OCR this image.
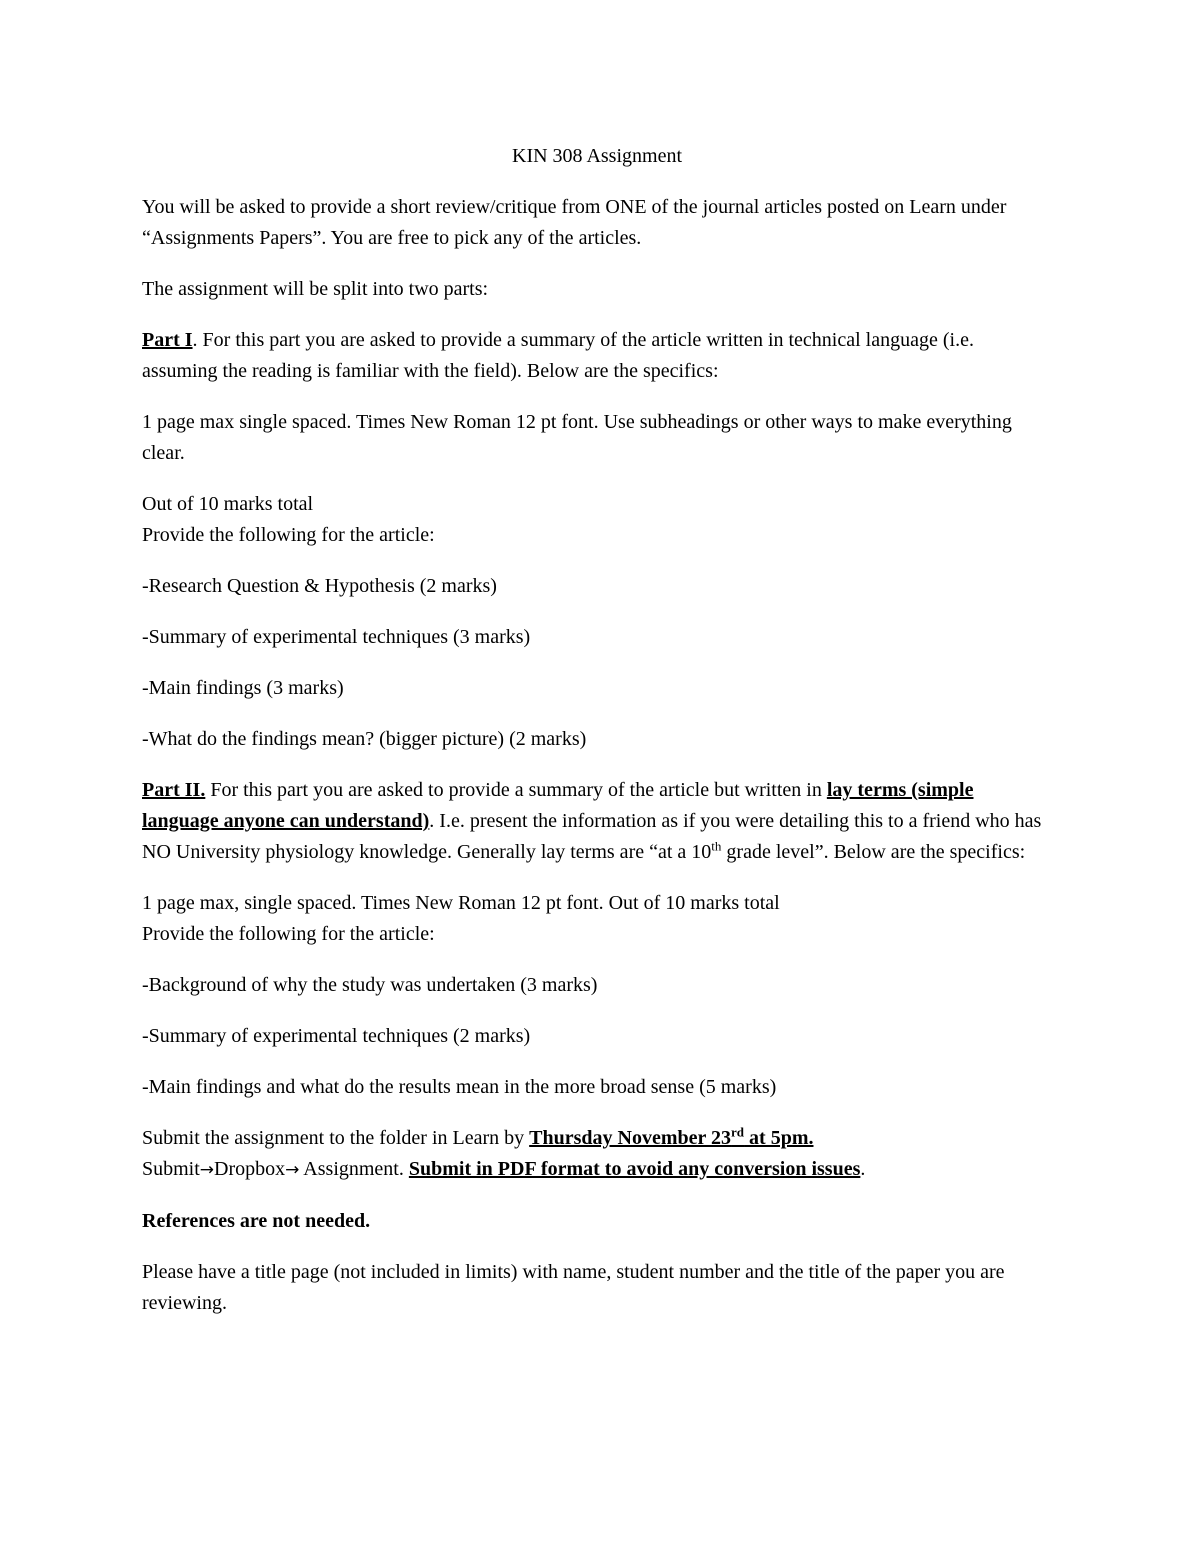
KIN 308 Assignment

You will be asked to provide a short review/critique from ONE of the journal articles posted on Learn under “Assignments Papers”. You are free to pick any of the articles.

The assignment will be split into two parts:

Part I. For this part you are asked to provide a summary of the article written in technical language (i.e. assuming the reading is familiar with the field). Below are the specifics:

1 page max single spaced. Times New Roman 12 pt font. Use subheadings or other ways to make everything clear.

Out of 10 marks total
Provide the following for the article:

-Research Question & Hypothesis (2 marks)

-Summary of experimental techniques (3 marks)

-Main findings (3 marks)

-What do the findings mean? (bigger picture) (2 marks)

Part II. For this part you are asked to provide a summary of the article but written in lay terms (simple language anyone can understand). I.e. present the information as if you were detailing this to a friend who has NO University physiology knowledge. Generally lay terms are “at a 10th grade level”. Below are the specifics:

1 page max, single spaced. Times New Roman 12 pt font. Out of 10 marks total
Provide the following for the article:

-Background of why the study was undertaken (3 marks)

-Summary of experimental techniques (2 marks)

-Main findings and what do the results mean in the more broad sense (5 marks)

Submit the assignment to the folder in Learn by Thursday November 23rd at 5pm.
Submit→Dropbox→ Assignment. Submit in PDF format to avoid any conversion issues.

References are not needed.

Please have a title page (not included in limits) with name, student number and the title of the paper you are reviewing.
